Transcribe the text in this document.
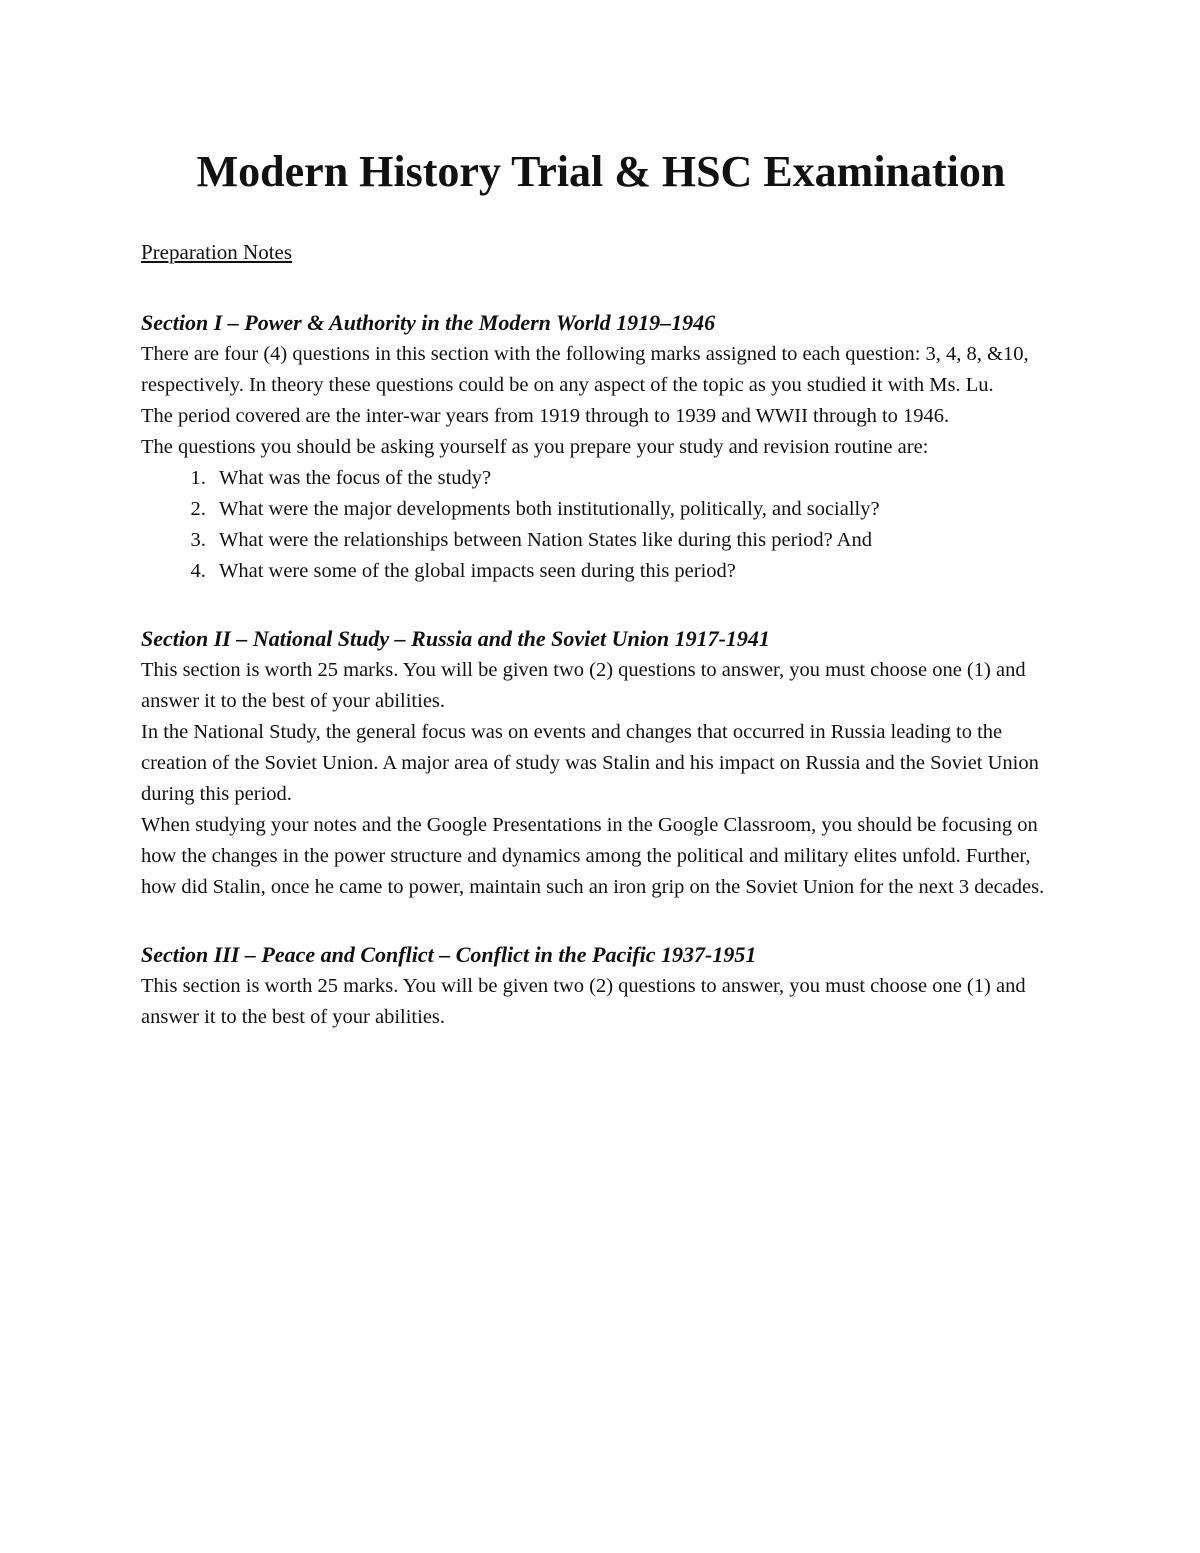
Modern History Trial & HSC Examination
Preparation Notes
Section I – Power & Authority in the Modern World 1919–1946

There are four (4) questions in this section with the following marks assigned to each question: 3, 4, 8, &10, respectively. In theory these questions could be on any aspect of the topic as you studied it with Ms. Lu.

The period covered are the inter-war years from 1919 through to 1939 and WWII through to 1946.

The questions you should be asking yourself as you prepare your study and revision routine are:

1. What was the focus of the study?
2. What were the major developments both institutionally, politically, and socially?
3. What were the relationships between Nation States like during this period? And
4. What were some of the global impacts seen during this period?
Section II – National Study – Russia and the Soviet Union 1917-1941

This section is worth 25 marks. You will be given two (2) questions to answer, you must choose one (1) and answer it to the best of your abilities.

In the National Study, the general focus was on events and changes that occurred in Russia leading to the creation of the Soviet Union. A major area of study was Stalin and his impact on Russia and the Soviet Union during this period.

When studying your notes and the Google Presentations in the Google Classroom, you should be focusing on how the changes in the power structure and dynamics among the political and military elites unfold. Further, how did Stalin, once he came to power, maintain such an iron grip on the Soviet Union for the next 3 decades.

Section III – Peace and Conflict – Conflict in the Pacific 1937-1951

This section is worth 25 marks. You will be given two (2) questions to answer, you must choose one (1) and answer it to the best of your abilities.
